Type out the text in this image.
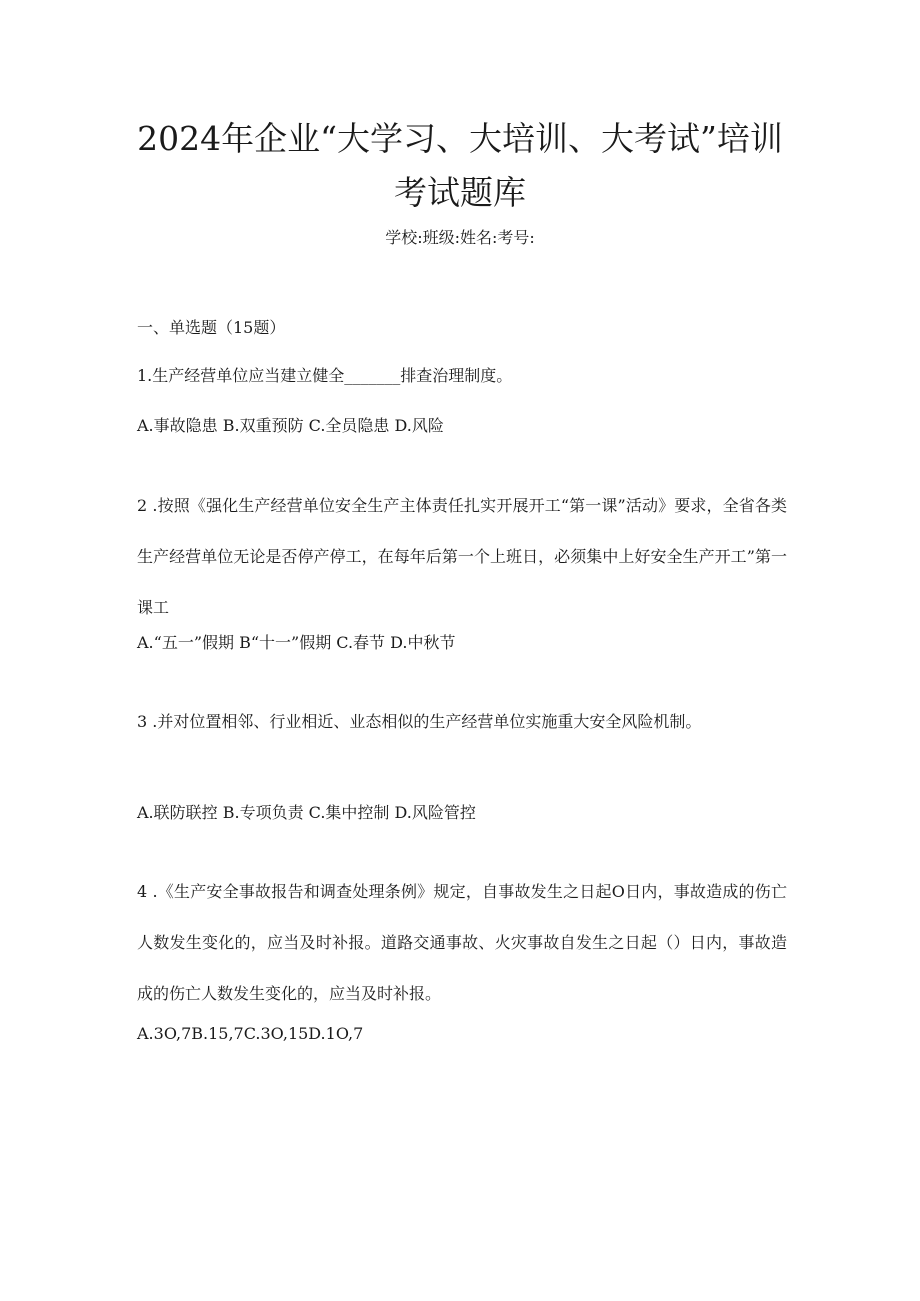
2024年企业“大学习、大培训、大考试”培训考试题库
学校:班级:姓名:考号:
一、单选题（15题）
1.生产经营单位应当建立健全_______排查治理制度。
A.事故隐患 B.双重预防 C.全员隐患 D.风险
2 .按照《强化生产经营单位安全生产主体责任扎实开展开工“第一课”活动》要求，全省各类生产经营单位无论是否停产停工，在每年后第一个上班日，必须集中上好安全生产开工”第一课工
A.“五一”假期 B“十一”假期 C.春节 D.中秋节
3 .并对位置相邻、行业相近、业态相似的生产经营单位实施重大安全风险机制。
A.联防联控 B.专项负责 C.集中控制 D.风险管控
4 .《生产安全事故报告和调查处理条例》规定，自事故发生之日起O日内，事故造成的伤亡人数发生变化的，应当及时补报。道路交通事故、火灾事故自发生之日起（）日内，事故造成的伤亡人数发生变化的，应当及时补报。
A.3O,7B.15,7C.3O,15D.1O,7
